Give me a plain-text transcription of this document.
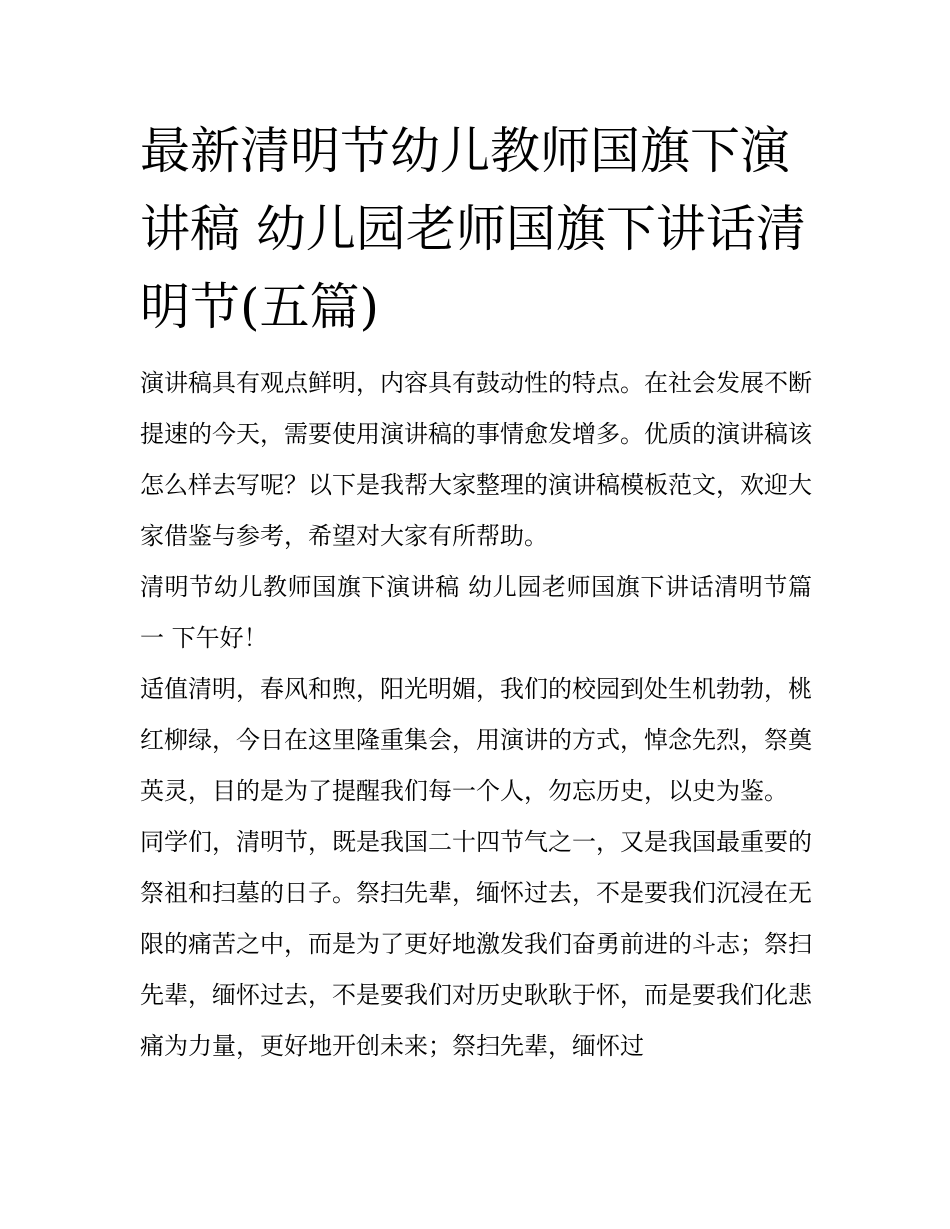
最新清明节幼儿教师国旗下演讲稿 幼儿园老师国旗下讲话清明节(五篇)

演讲稿具有观点鲜明，内容具有鼓动性的特点。在社会发展不断提速的今天，需要使用演讲稿的事情愈发增多。优质的演讲稿该怎么样去写呢？以下是我帮大家整理的演讲稿模板范文，欢迎大家借鉴与参考，希望对大家有所帮助。

清明节幼儿教师国旗下演讲稿 幼儿园老师国旗下讲话清明节篇一 下午好！

适值清明，春风和煦，阳光明媚，我们的校园到处生机勃勃，桃红柳绿，今日在这里隆重集会，用演讲的方式，悼念先烈，祭奠英灵，目的是为了提醒我们每一个人，勿忘历史，以史为鉴。

同学们，清明节，既是我国二十四节气之一，又是我国最重要的祭祖和扫墓的日子。祭扫先辈，缅怀过去，不是要我们沉浸在无限的痛苦之中，而是为了更好地激发我们奋勇前进的斗志；祭扫先辈，缅怀过去，不是要我们对历史耿耿于怀，而是要我们化悲痛为力量，更好地开创未来；祭扫先辈，缅怀过
